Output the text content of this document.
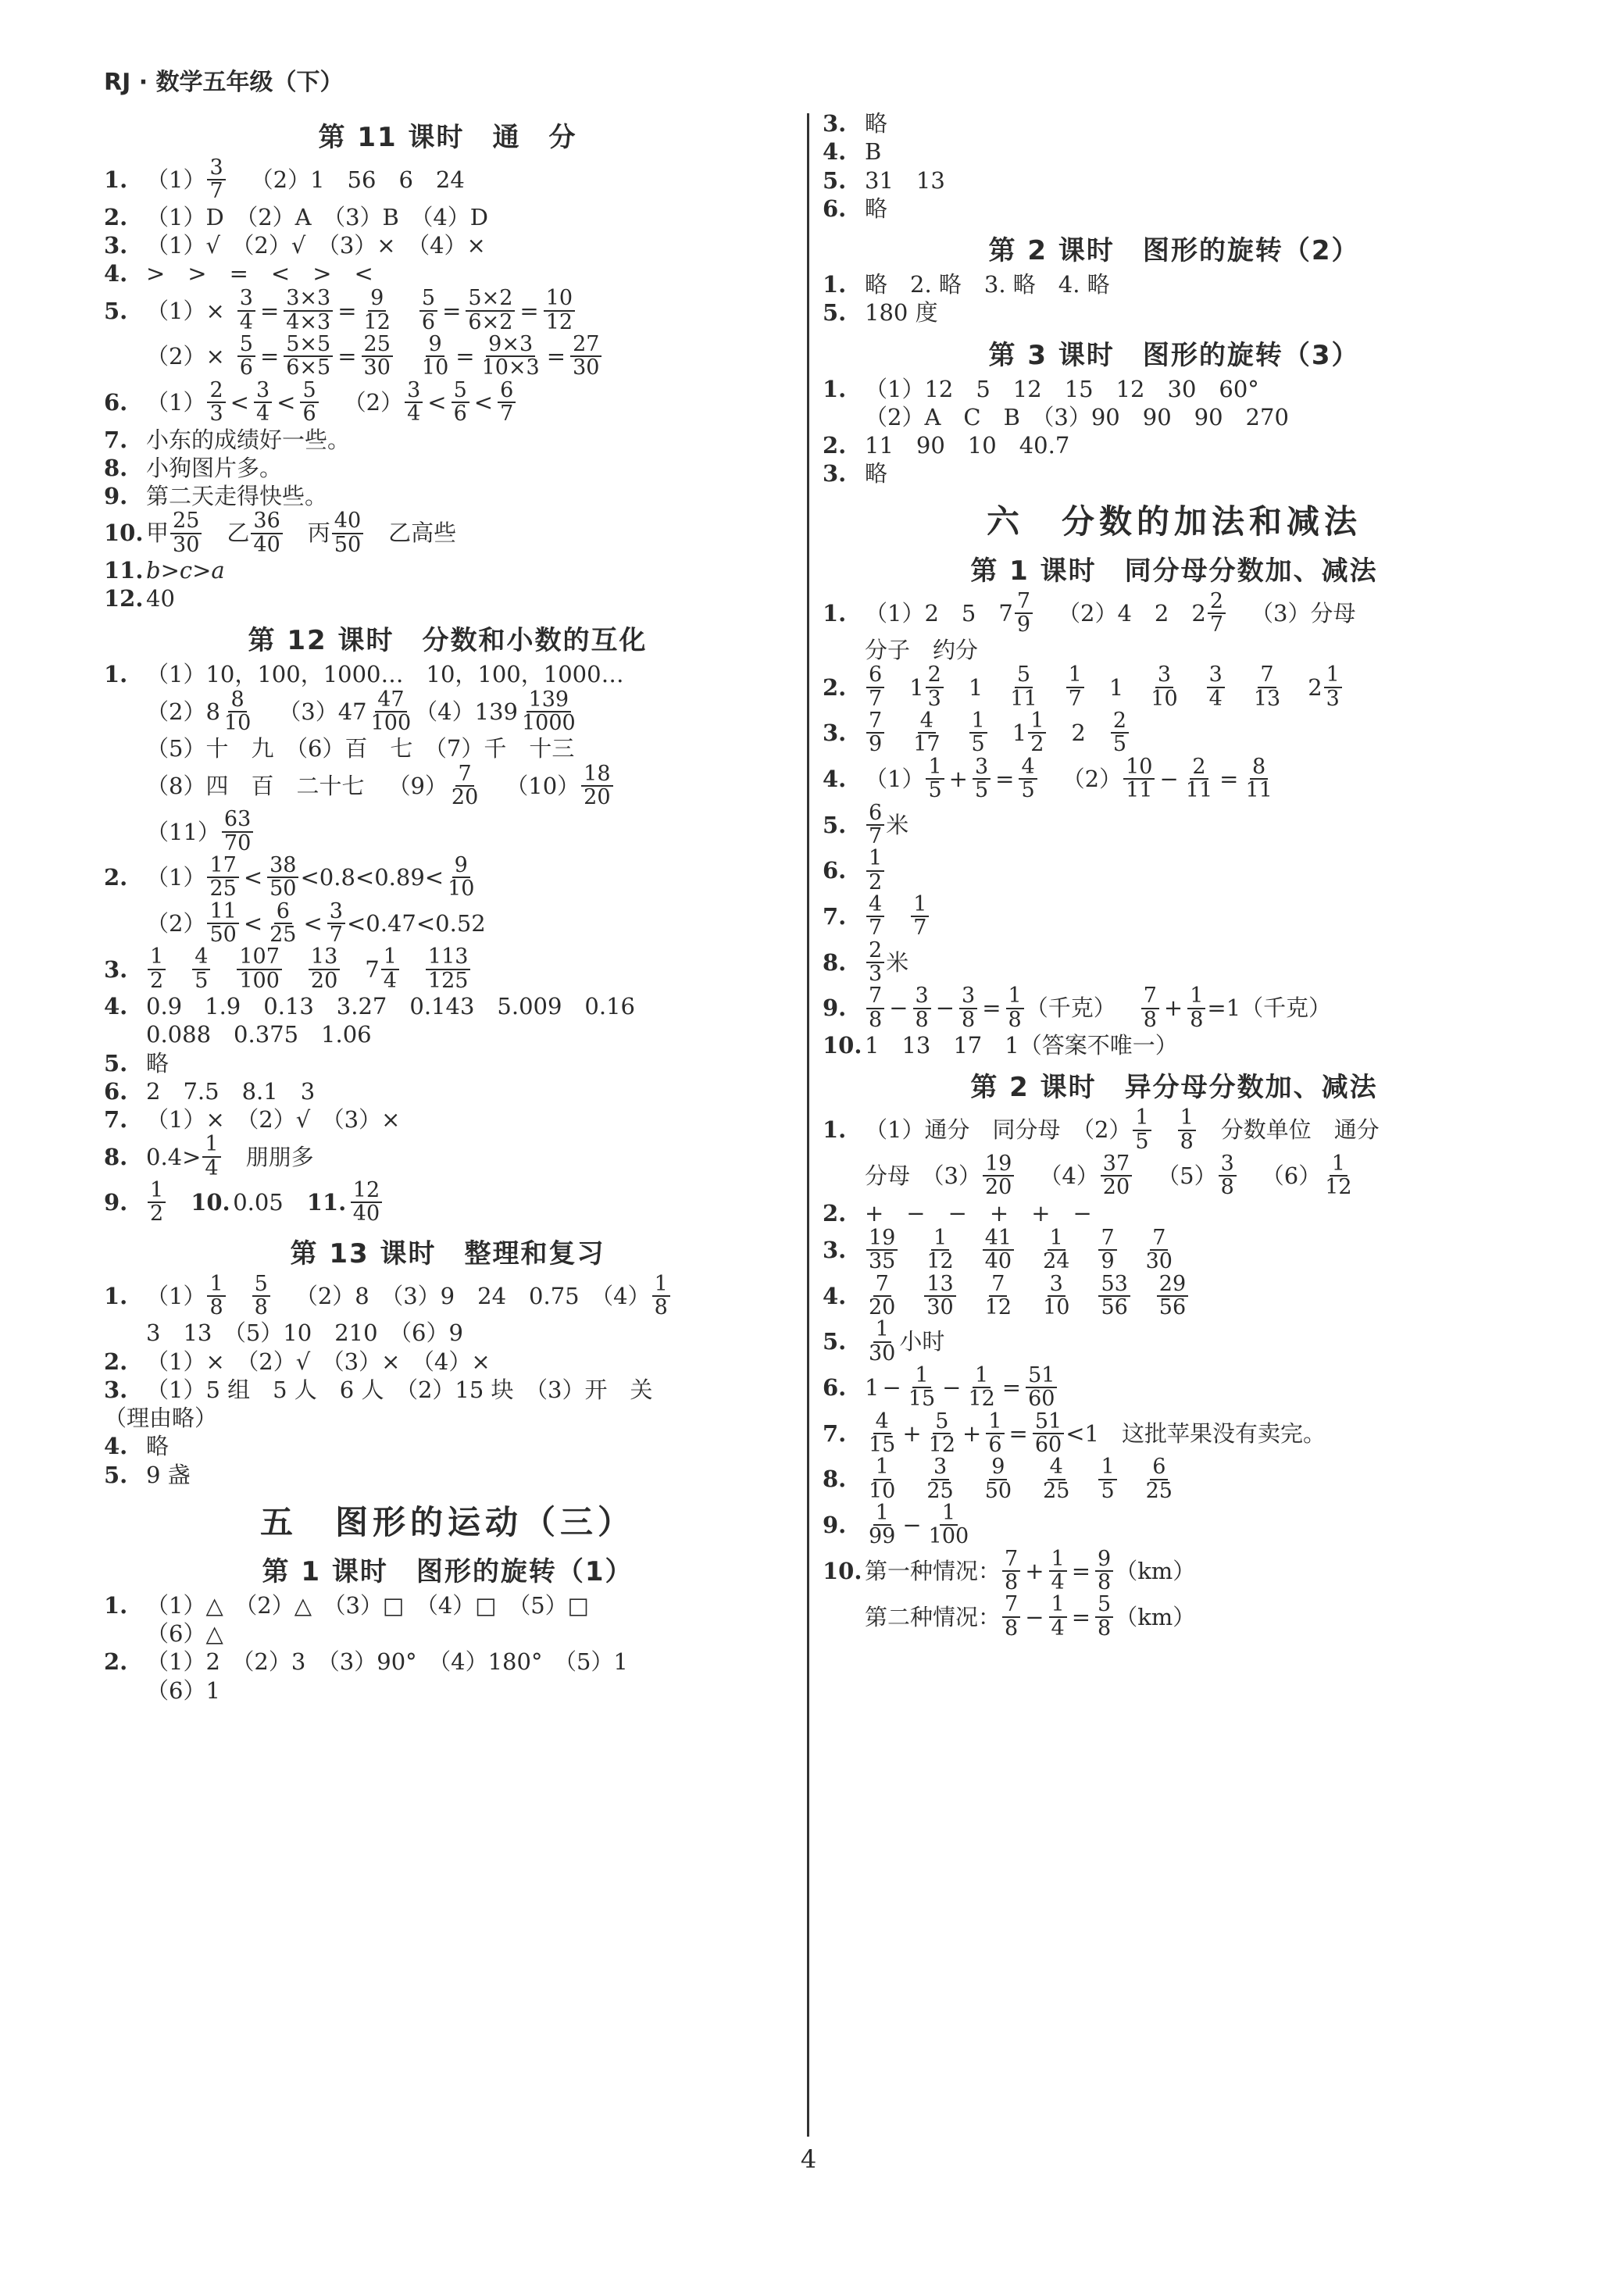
RJ · 数学五年级（下）
第 11 课时　通　分
1. $(1) \frac{3}{7} (2)1$　56　6　24
2. （1）D　（2）A　（3）B　（4）D
3. （1）√　（2）√　（3）×　（4）×
4. >　>　=　<　>　<
5. $(1)\times \frac{3}{4} = \frac{3\times 3}{4\times 3} = \frac{9}{12} \frac{5}{6} = \frac{5\times 2}{6\times 2} = \frac{10}{12}$
$(2)\times \frac{5}{6} = \frac{5\times 5}{6\times 5} = \frac{25}{30} \frac{9}{10} = \frac{9\times 3}{10\times 3} = \frac{27}{30}$
6. $(1) \frac{2}{3} < \frac{3}{4} < \frac{5}{6} (2) \frac{3}{4} < \frac{5}{6} < \frac{6}{7}$
7. 小东的成绩好一些。
8. 小狗图片多。
9. 第二天走得快些。
10. 甲 $\frac{25}{30}$ 乙 $\frac{36}{40}$ 丙 $\frac{40}{50}$ 乙高些
11. b>c>a
12. 40
第 12 课时　分数和小数的互化
1. （1）10，100，1000…　10，100，1000…
$(2)8 \frac{8}{10} (3)47 \frac{47}{100} (4)139 \frac{139}{1000}$
（5）十　九　（6）百　七　（7）千　十三
（8）四　百　二十七 $(9) \frac{7}{20} (10) \frac{18}{20}$
$(11) \frac{63}{70}$
2. $(1) \frac{17}{25} < \frac{38}{50} <0.8<0.89< \frac{9}{10}$
$(2) \frac{11}{50} < \frac{6}{25} < \frac{3}{7} <0.47<0.52$
3. $\frac{1}{2} \frac{4}{5} \frac{107}{100} \frac{13}{20} 7 \frac{1}{4} \frac{113}{125}$
4. 0.9　1.9　0.13　3.27　0.143　5.009　0.16
0.088　0.375　1.06
5. 略
6. 2　7.5　8.1　3
7. （1）×　（2）√　（3）×
8. $0.4> \frac{1}{4}$ 朋朋多
9. $\frac{1}{2} 10$. 0.05 11. $\frac{12}{40}$
第 13 课时　整理和复习
1. $(1) \frac{1}{8} \frac{5}{8} (2)8$　（3）9　24　0.75　$(4) \frac{1}{8}$
3　13　（5）10　210　（6）9
2. （1）×　（2）√　（3）×　（4）×
3. （1）5 组　5 人　6 人　（2）15 块　（3）开　关
（理由略）
4. 略
5. 9 盏
五　图形的运动（三）
第 1 课时　图形的旋转（1）
1. （1）△　（2）△　（3）□　（4）□　（5）□
（6）△
2. （1）2　（2）3　（3）90°　（4）180°　（5）1
（6）1
3. 略
4. B
5. 31　13
6. 略
第 2 课时　图形的旋转（2）
1. 略　2. 略　3. 略　4. 略
5. 180 度
第 3 课时　图形的旋转（3）
1. （1）12　5　12　15　12　30　60°
（2）A　C　B　（3）90　90　90　270
2. 11　90　10　40.7
3. 略
六　分数的加法和减法
第 1 课时　同分母分数加、减法
1. （1）2　5　$7 \frac{7}{9} (2)4$　2　$2 \frac{2}{7} (3)$分母
分子　约分
2. $\frac{6}{7} 1 \frac{2}{3} 1 \frac{5}{11} \frac{1}{7} 1 \frac{3}{10} \frac{3}{4} \frac{7}{13} 2 \frac{1}{3}$
3. $\frac{7}{9} \frac{4}{17} \frac{1}{5} 1 \frac{1}{2} 2 \frac{2}{5}$
4. $(1) \frac{1}{5} + \frac{3}{5} = \frac{4}{5} (2) \frac{10}{11} - \frac{2}{11} = \frac{8}{11}$
5. $\frac{6}{7}$ 米
6. $\frac{1}{2}$
7. $\frac{4}{7} \frac{1}{7}$
8. $\frac{2}{3}$ 米
9. $\frac{7}{8} - \frac{3}{8} - \frac{3}{8} = \frac{1}{8}$ （千克） $\frac{7}{8} + \frac{1}{8} =1$ （千克）
10. 1　13　17　1（答案不唯一）
第 2 课时　异分母分数加、减法
1. （1）通分　同分母　$(2) \frac{1}{5} \frac{1}{8}$ 分数单位　通分
分母　$(3) \frac{19}{20} (4) \frac{37}{20} (5) \frac{3}{8} (6) \frac{1}{12}$
2. +　−　−　+　+　−
3. $\frac{19}{35} \frac{1}{12} \frac{41}{40} \frac{1}{24} \frac{7}{9} \frac{7}{30}$
4. $\frac{7}{20} \frac{13}{30} \frac{7}{12} \frac{3}{10} \frac{53}{56} \frac{29}{56}$
5. $\frac{1}{30}$ 小时
6. $1 - \frac{1}{15} - \frac{1}{12} = \frac{51}{60}$
7. $\frac{4}{15} + \frac{5}{12} + \frac{1}{6} = \frac{51}{60} <1$　这批苹果没有卖完。
8. $\frac{1}{10} \frac{3}{25} \frac{9}{50} \frac{4}{25} \frac{1}{5} \frac{6}{25}$
9. $\frac{1}{99} - \frac{1}{100}$
10. 第一种情况： $\frac{7}{8} + \frac{1}{4} = \frac{9}{8} (km)$
第二种情况： $\frac{7}{8} - \frac{1}{4} = \frac{5}{8} (km)$
4
